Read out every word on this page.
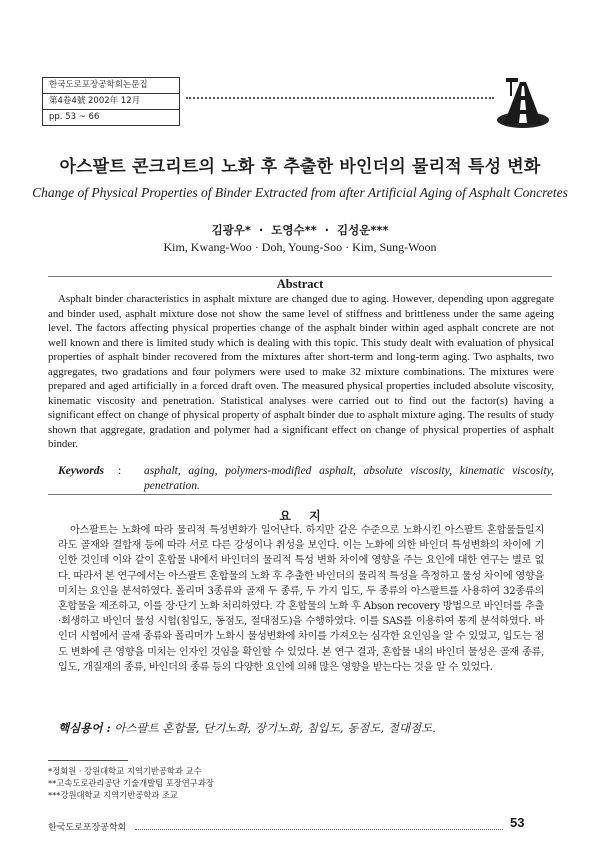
한국도로포장공학회논문집
第4卷4號 2002年 12月
pp. 53 ~ 66
아스팔트 콘크리트의 노화 후 추출한 바인더의 물리적 특성 변화
Change of Physical Properties of Binder Extracted from after Artificial Aging of Asphalt Concretes
김광우* · 도영수** · 김성운***
Kim, Kwang-Woo · Doh, Young-Soo · Kim, Sung-Woon
Abstract
Asphalt binder characteristics in asphalt mixture are changed due to aging. However, depending upon aggregate and binder used, asphalt mixture dose not show the same level of stiffness and brittleness under the same ageing level. The factors affecting physical properties change of the asphalt binder within aged asphalt concrete are not well known and there is limited study which is dealing with this topic. This study dealt with evaluation of physical properties of asphalt binder recovered from the mixtures after short-term and long-term aging. Two asphalts, two aggregates, two gradations and four polymers were used to make 32 mixture combinations. The mixtures were prepared and aged artificially in a forced draft oven. The measured physical properties included absolute viscosity, kinematic viscosity and penetration. Statistical analyses were carried out to find out the factor(s) having a significant effect on change of physical property of asphalt binder due to asphalt mixture aging. The results of study shown that aggregate, gradation and polymer had a significant effect on change of physical properties of asphalt binder.
Keywords : asphalt, aging, polymers-modified asphalt, absolute viscosity, kinematic viscosity, penetration.
요 지
아스팔트는 노화에 따라 물리적 특성변화가 일어난다. 하지만 같은 수준으로 노화시킨 아스팔트 혼합물들일지라도 골재와 결합재 등에 따라 서로 다른 강성이나 취성을 보인다. 이는 노화에 의한 바인더 특성변화의 차이에 기인한 것인데 이와 같이 혼합물 내에서 바인더의 물리적 특성 변화 차이에 영향을 주는 요인에 대한 연구는 별로 없다. 따라서 본 연구에서는 아스팔트 혼합물의 노화 후 추출한 바인더의 물리적 특성을 측정하고 물성 차이에 영향을 미치는 요인을 분석하였다. 폴리머 3종류와 골재 두 종류, 두 가지 입도, 두 종류의 아스팔트를 사용하여 32종류의 혼합물을 제조하고, 이를 장·단기 노화 처리하였다. 각 혼합물의 노화 후 Abson recovery 방법으로 바인더를 추출·회생하고 바인더 물성 시험(침입도, 동점도, 절대점도)을 수행하였다. 이를 SAS를 이용하여 통계 분석하였다. 바인더 시험에서 골재 종류와 폴리머가 노화시 물성변화에 차이를 가져오는 심각한 요인임을 알 수 있었고, 입도는 점도 변화에 큰 영향을 미치는 인자인 것임을 확인할 수 있었다. 본 연구 결과, 혼합물 내의 바인더 물성은 골재 종류, 입도, 개질재의 종류, 바인더의 종류 등의 다양한 요인에 의해 많은 영향을 받는다는 것을 알 수 있었다.
핵심용어 : 아스팔트 혼합물, 단기노화, 장기노화, 침입도, 동점도, 절대점도.
*정회원 · 강원대학교 지역기반공학과 교수
**고속도로관리공단 기술개발팀 포장연구과장
***강원대학교 지역기반공학과 조교
한국도로포장공학회	53
